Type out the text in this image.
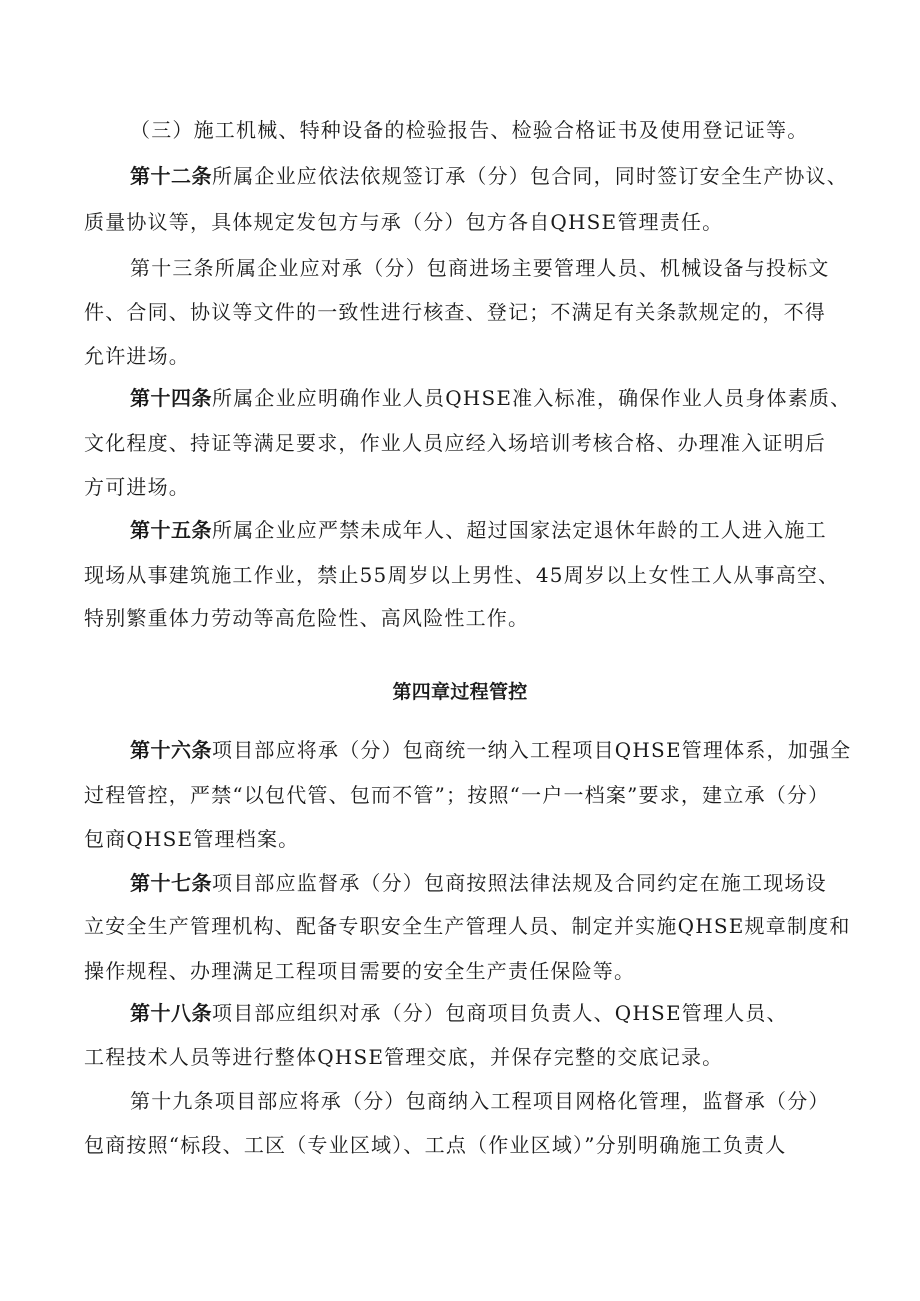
（三）施工机械、特种设备的检验报告、检验合格证书及使用登记证等。
第十二条所属企业应依法依规签订承（分）包合同，同时签订安全生产协议、
质量协议等，具体规定发包方与承（分）包方各自QHSE管理责任。
第十三条所属企业应对承（分）包商进场主要管理人员、机械设备与投标文
件、合同、协议等文件的一致性进行核查、登记；不满足有关条款规定的，不得
允许进场。
第十四条所属企业应明确作业人员QHSE准入标准，确保作业人员身体素质、
文化程度、持证等满足要求，作业人员应经入场培训考核合格、办理准入证明后
方可进场。
第十五条所属企业应严禁未成年人、超过国家法定退休年龄的工人进入施工
现场从事建筑施工作业，禁止55周岁以上男性、45周岁以上女性工人从事高空、
特别繁重体力劳动等高危险性、高风险性工作。
第四章过程管控
第十六条项目部应将承（分）包商统一纳入工程项目QHSE管理体系，加强全
过程管控，严禁“以包代管、包而不管”；按照“一户一档案”要求，建立承（分）
包商QHSE管理档案。
第十七条项目部应监督承（分）包商按照法律法规及合同约定在施工现场设
立安全生产管理机构、配备专职安全生产管理人员、制定并实施QHSE规章制度和
操作规程、办理满足工程项目需要的安全生产责任保险等。
第十八条项目部应组织对承（分）包商项目负责人、QHSE管理人员、
工程技术人员等进行整体QHSE管理交底，并保存完整的交底记录。
第十九条项目部应将承（分）包商纳入工程项目网格化管理，监督承（分）
包商按照“标段、工区（专业区域）、工点（作业区域）”分别明确施工负责人
